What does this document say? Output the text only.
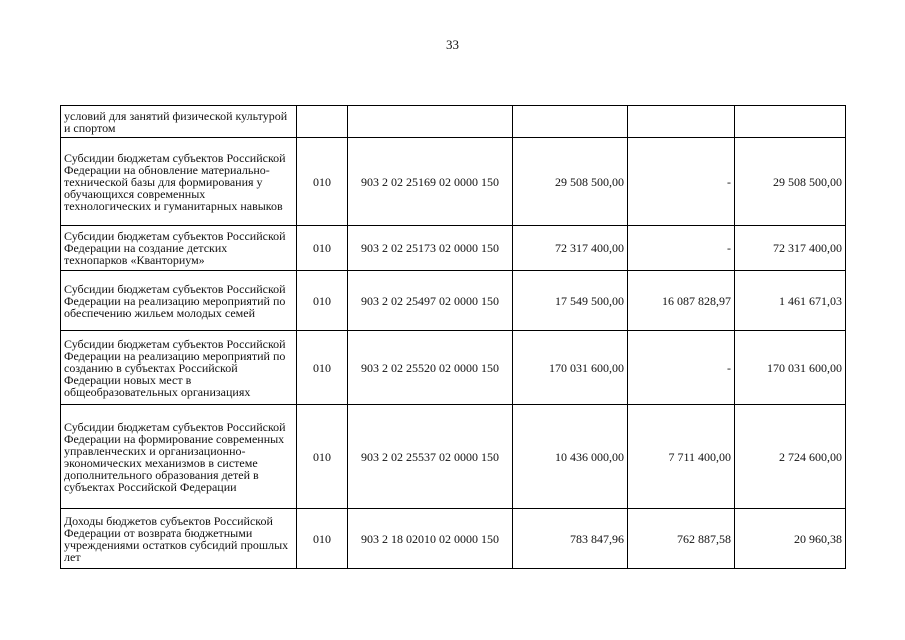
33
условий для занятий физической культурой и спортом					
Субсидии бюджетам субъектов Российской Федерации на обновление материально-технической базы для формирования у обучающихся современных технологических и гуманитарных навыков	010	903 2 02 25169 02 0000 150	29 508 500,00	-	29 508 500,00
Субсидии бюджетам субъектов Российской Федерации на создание детских технопарков «Кванториум»	010	903 2 02 25173 02 0000 150	72 317 400,00	-	72 317 400,00
Субсидии бюджетам субъектов Российской Федерации на реализацию мероприятий по обеспечению жильем молодых семей	010	903 2 02 25497 02 0000 150	17 549 500,00	16 087 828,97	1 461 671,03
Субсидии бюджетам субъектов Российской Федерации на реализацию мероприятий по созданию в субъектах Российской Федерации новых мест в общеобразовательных организациях	010	903 2 02 25520 02 0000 150	170 031 600,00	-	170 031 600,00
Субсидии бюджетам субъектов Российской Федерации на формирование современных управленческих и организационно-экономических механизмов в системе дополнительного образования детей в субъектах Российской Федерации	010	903 2 02 25537 02 0000 150	10 436 000,00	7 711 400,00	2 724 600,00
Доходы бюджетов субъектов Российской Федерации от возврата бюджетными учреждениями остатков субсидий прошлых лет	010	903 2 18 02010 02 0000 150	783 847,96	762 887,58	20 960,38
